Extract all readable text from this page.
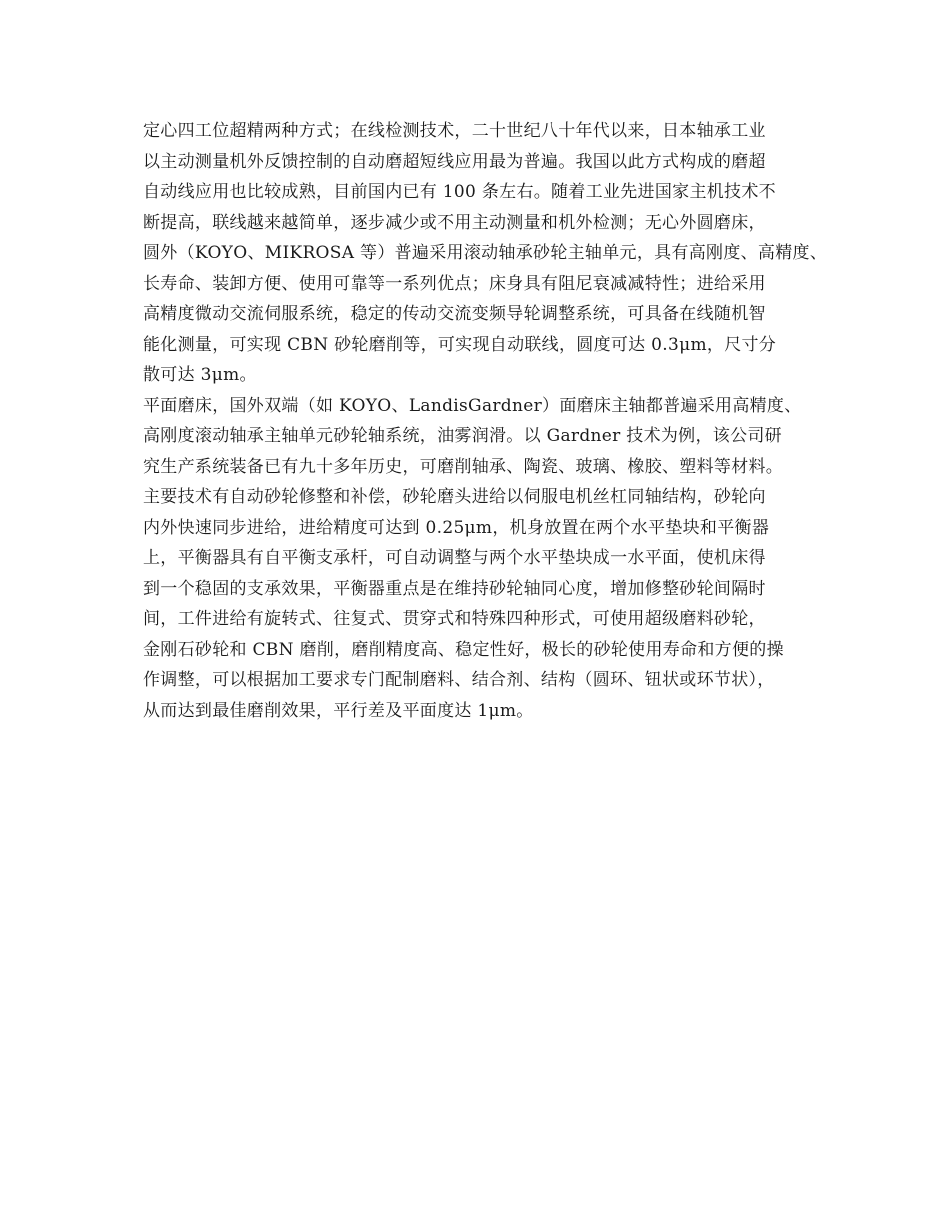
定心四工位超精两种方式；在线检测技术，二十世纪八十年代以来，日本轴承工业
以主动测量机外反馈控制的自动磨超短线应用最为普遍。我国以此方式构成的磨超
自动线应用也比较成熟，目前国内已有 100 条左右。随着工业先进国家主机技术不
断提高，联线越来越简单，逐步减少或不用主动测量和机外检测；无心外圆磨床，
圆外（KOYO、MIKROSA 等）普遍采用滚动轴承砂轮主轴单元，具有高刚度、高精度、
长寿命、装卸方便、使用可靠等一系列优点；床身具有阻尼衰减减特性；进给采用
高精度微动交流伺服系统，稳定的传动交流变频导轮调整系统，可具备在线随机智
能化测量，可实现 CBN 砂轮磨削等，可实现自动联线，圆度可达 0.3μm，尺寸分
散可达 3μm。
平面磨床，国外双端（如 KOYO、LandisGardner）面磨床主轴都普遍采用高精度、
高刚度滚动轴承主轴单元砂轮轴系统，油雾润滑。以 Gardner 技术为例，该公司研
究生产系统装备已有九十多年历史，可磨削轴承、陶瓷、玻璃、橡胶、塑料等材料。
主要技术有自动砂轮修整和补偿，砂轮磨头进给以伺服电机丝杠同轴结构，砂轮向
内外快速同步进给，进给精度可达到 0.25μm，机身放置在两个水平垫块和平衡器
上，平衡器具有自平衡支承杆，可自动调整与两个水平垫块成一水平面，使机床得
到一个稳固的支承效果，平衡器重点是在维持砂轮轴同心度，增加修整砂轮间隔时
间，工件进给有旋转式、往复式、贯穿式和特殊四种形式，可使用超级磨料砂轮，
金刚石砂轮和 CBN 磨削，磨削精度高、稳定性好，极长的砂轮使用寿命和方便的操
作调整，可以根据加工要求专门配制磨料、结合剂、结构（圆环、钮状或环节状），
从而达到最佳磨削效果，平行差及平面度达 1μm。
